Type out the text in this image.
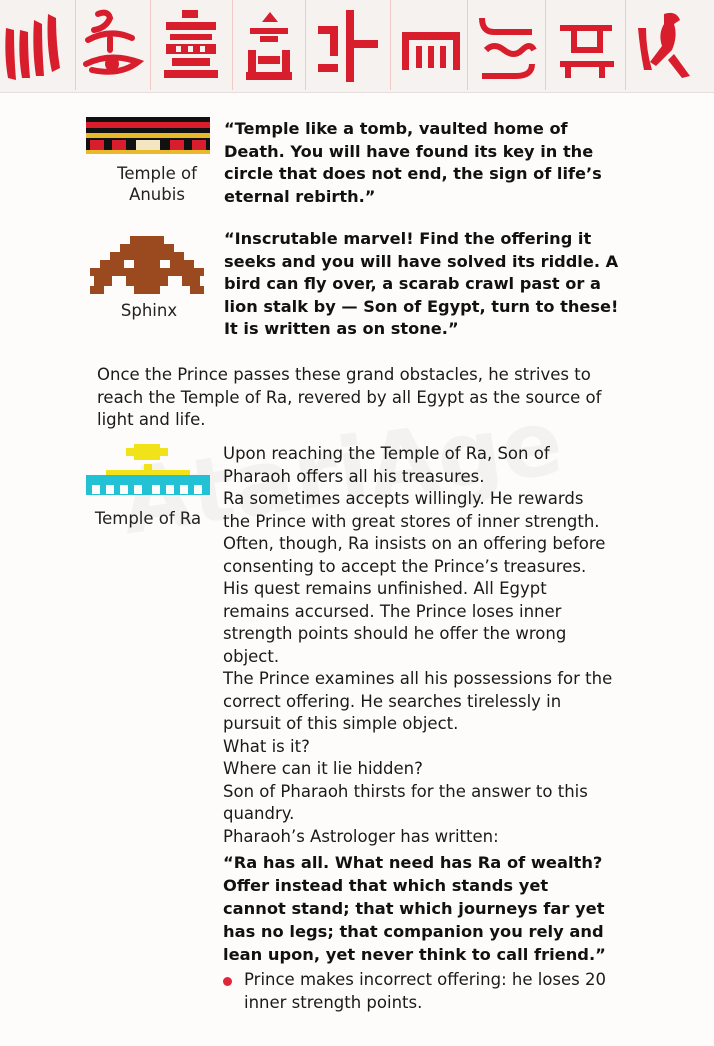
Temple of
Anubis
“Temple like a tomb, vaulted home of
Death. You will have found its key in the
circle that does not end, the sign of life’s
eternal rebirth.”
Sphinx
“Inscrutable marvel! Find the offering it
seeks and you will have solved its riddle. A
bird can fly over, a scarab crawl past or a
lion stalk by — Son of Egypt, turn to these!
It is written as on stone.”
Once the Prince passes these grand obstacles, he strives to
reach the Temple of Ra, revered by all Egypt as the source of
light and life.
Temple of Ra
Upon reaching the Temple of Ra, Son of
Pharaoh offers all his treasures.
Ra sometimes accepts willingly. He rewards
the Prince with great stores of inner strength.
Often, though, Ra insists on an offering before
consenting to accept the Prince’s treasures.
His quest remains unfinished. All Egypt
remains accursed. The Prince loses inner
strength points should he offer the wrong
object.
The Prince examines all his possessions for the
correct offering. He searches tirelessly in
pursuit of this simple object.
What is it?
Where can it lie hidden?
Son of Pharaoh thirsts for the answer to this
quandry.
Pharaoh’s Astrologer has written:
“Ra has all. What need has Ra of wealth?
Offer instead that which stands yet
cannot stand; that which journeys far yet
has no legs; that companion you rely and
lean upon, yet never think to call friend.”
Prince makes incorrect offering: he loses 20
inner strength points.
